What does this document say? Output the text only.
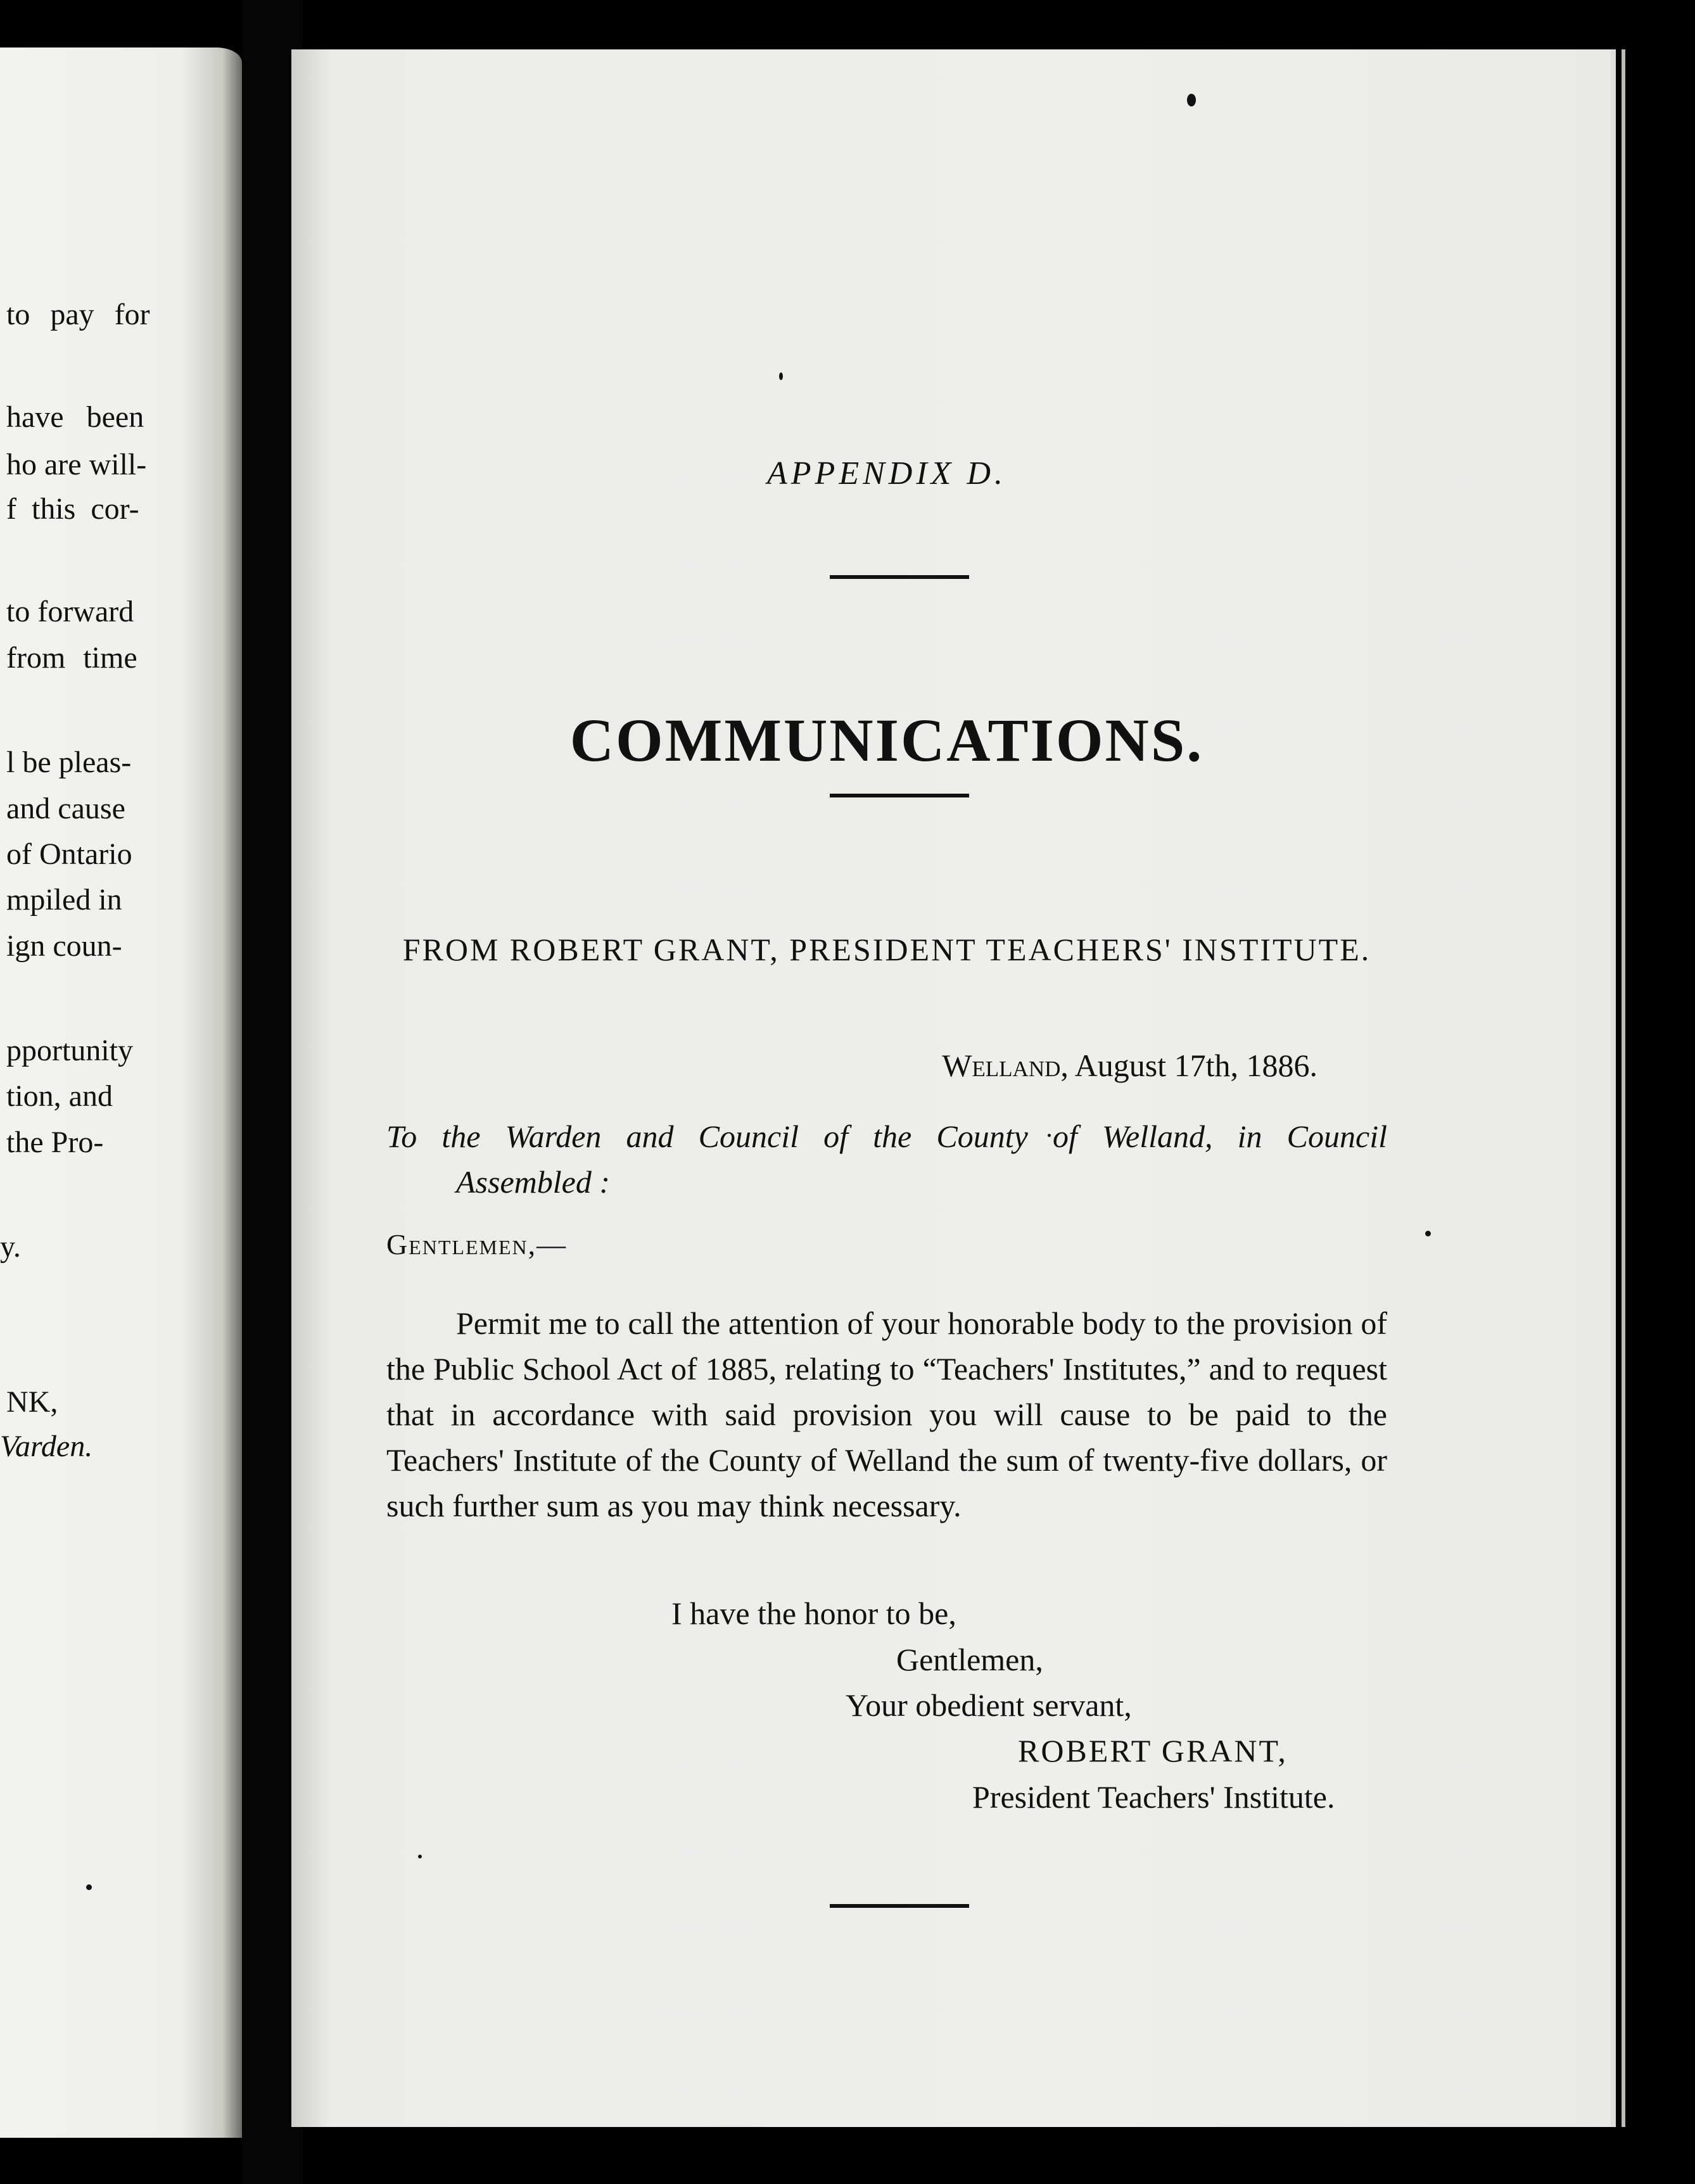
to pay for
have been
ho are will-
f this cor-
to forward
from time
l be pleas-
and cause
of Ontario
mpiled in
ign coun-
pportunity
tion, and
the Pro-
y.
NK,
Varden.
APPENDIX D.
COMMUNICATIONS.
FROM ROBERT GRANT, PRESIDENT TEACHERS' INSTITUTE.
Welland, August 17th, 1886.
To the Warden and Council of the County of Welland, in Council
Assembled :
Gentlemen,—
Permit me to call the attention of your honorable body to the provision of the Public School Act of 1885, relating to “Teachers' Institutes,” and to request that in accordance with said provision you will cause to be paid to the Teachers' Institute of the County of Welland the sum of twenty-five dollars, or such further sum as you may think necessary.
I have the honor to be,
Gentlemen,
Your obedient servant,
ROBERT GRANT,
President Teachers' Institute.
